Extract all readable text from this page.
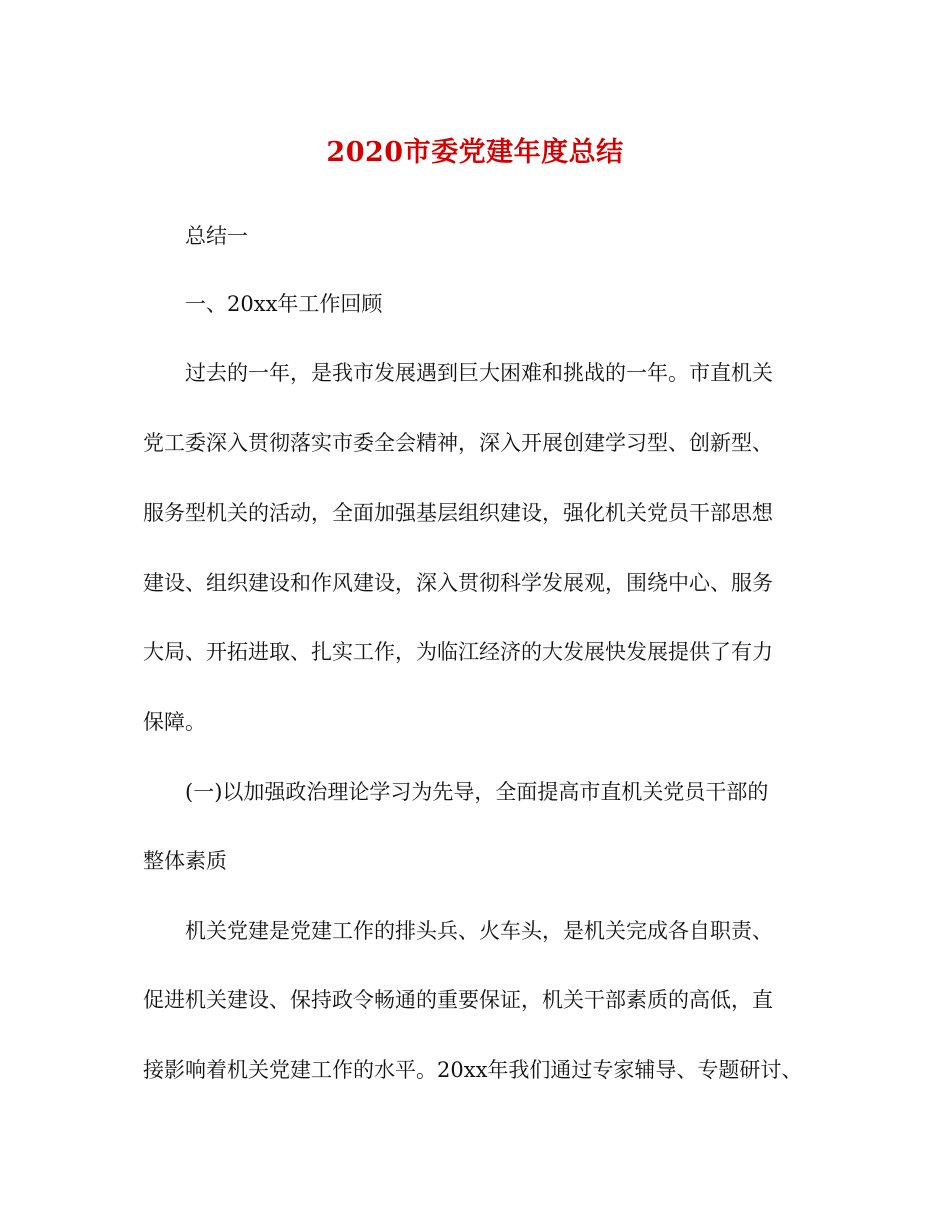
2020市委党建年度总结

总结一

一、20xx年工作回顾

过去的一年，是我市发展遇到巨大困难和挑战的一年。市直机关

党工委深入贯彻落实市委全会精神，深入开展创建学习型、创新型、

服务型机关的活动，全面加强基层组织建设，强化机关党员干部思想

建设、组织建设和作风建设，深入贯彻科学发展观，围绕中心、服务

大局、开拓进取、扎实工作，为临江经济的大发展快发展提供了有力

保障。

(一)以加强政治理论学习为先导，全面提高市直机关党员干部的

整体素质

机关党建是党建工作的排头兵、火车头，是机关完成各自职责、

促进机关建设、保持政令畅通的重要保证，机关干部素质的高低，直

接影响着机关党建工作的水平。20xx年我们通过专家辅导、专题研讨、
